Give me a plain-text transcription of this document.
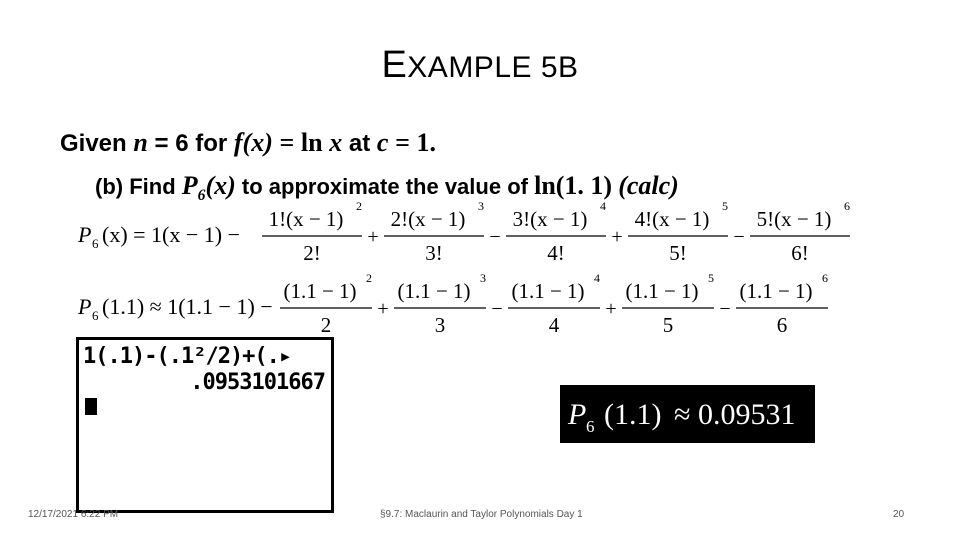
EXAMPLE 5B
Given n = 6 for f(x) = ln x at c = 1.
(b) Find $P_6(x)$ to approximate the value of ln(1. 1) (calc)
P 6 (x) = 1(x − 1) −
1!(x − 1)
2
2!
+
2!(x − 1)
3
3!
−
3!(x − 1)
4
4!
+
4!(x − 1)
5
5!
−
5!(x − 1)
6
6!
P 6 (1.1) ≈ 1(1.1 − 1) −
(1.1 − 1)
2
2
+
(1.1 − 1)
3
3
−
(1.1 − 1)
4
4
+
(1.1 − 1)
5
5
−
(1.1 − 1)
6
6
1(.1)-(.1²/2)+(.▸
.0953101667
P 6 (1.1) ≈ 0.09531
12/17/2021 6:22 PM	§9.7: Maclaurin and Taylor Polynomials Day 1	20
